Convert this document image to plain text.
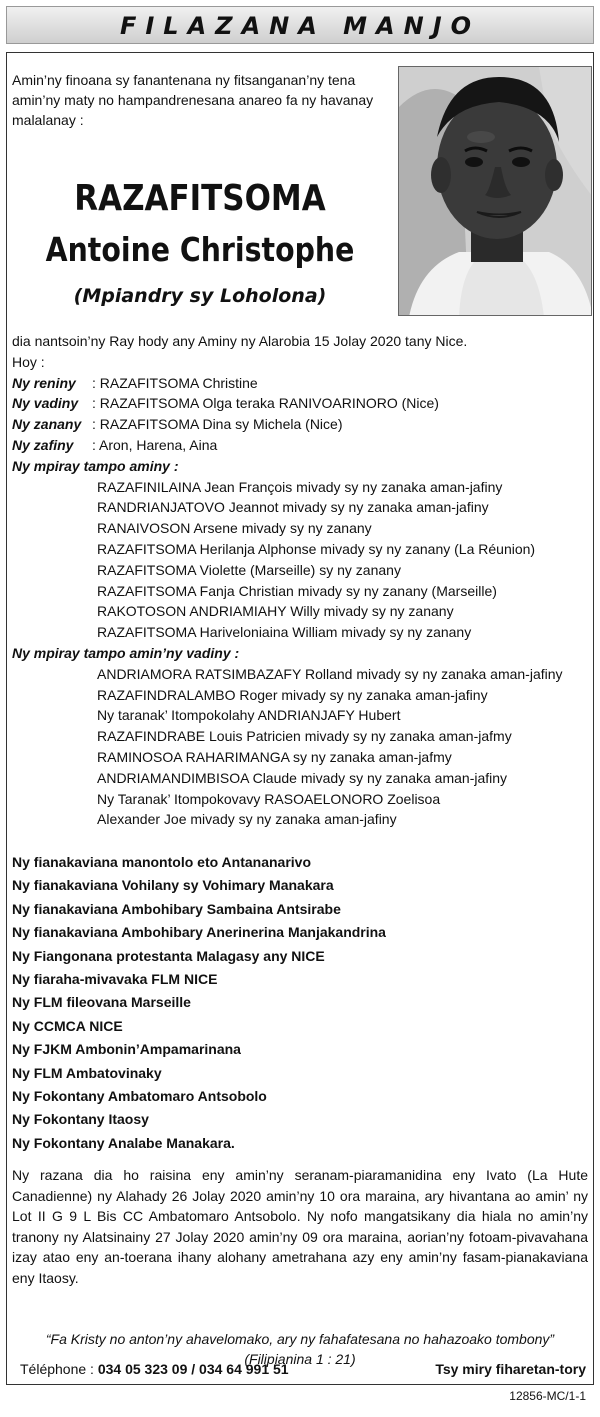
FILAZANA MANJO
Amin’ny finoana sy fanantenana ny fitsanganan’ny tena amin’ny maty no hampandrenesana anareo fa ny havanay malalanay :
RAZAFITSOMA
Antoine Christophe
(Mpiandry sy Loholona)
dia nantsoin’ny Ray hody any Aminy ny Alarobia 15 Jolay 2020 tany Nice.
Hoy :
Ny reniny : RAZAFITSOMA Christine
Ny vadiny : RAZAFITSOMA Olga teraka RANIVOARINORO (Nice)
Ny zanany : RAZAFITSOMA Dina sy Michela (Nice)
Ny zafiny : Aron, Harena, Aina
Ny mpiray tampo aminy :
RAZAFINILAINA Jean François mivady sy ny zanaka aman-jafiny
RANDRIANJATOVO Jeannot mivady sy ny zanaka aman-jafiny
RANAIVOSON Arsene mivady sy ny zanany
RAZAFITSOMA Herilanja Alphonse mivady sy ny zanany (La Réunion)
RAZAFITSOMA Violette (Marseille) sy ny zanany
RAZAFITSOMA Fanja Christian mivady sy ny zanany (Marseille)
RAKOTOSON ANDRIAMIAHY Willy mivady sy ny zanany
RAZAFITSOMA Hariveloniaina William mivady sy ny zanany
Ny mpiray tampo amin’ny vadiny :
ANDRIAMORA RATSIMBAZAFY Rolland mivady sy ny zanaka aman-jafiny
RAZAFINDRALAMBO Roger mivady sy ny zanaka aman-jafiny
Ny taranak’ Itompokolahy ANDRIANJAFY Hubert
RAZAFINDRABE Louis Patricien mivady sy ny zanaka aman-jafmy
RAMINOSOA RAHARIMANGA sy ny zanaka aman-jafmy
ANDRIAMANDIMBISOA Claude mivady sy ny zanaka aman-jafiny
Ny Taranak’ Itompokovavy RASOAELONORO Zoelisoa
Alexander Joe mivady sy ny zanaka aman-jafiny
Ny fianakaviana manontolo eto Antananarivo
Ny fianakaviana Vohilany sy Vohimary Manakara
Ny fianakaviana Ambohibary Sambaina Antsirabe
Ny fianakaviana Ambohibary Anerinerina Manjakandrina
Ny Fiangonana protestanta Malagasy any NICE
Ny fiaraha-mivavaka FLM NICE
Ny FLM fileovana Marseille
Ny CCMCA NICE
Ny FJKM Ambonin’Ampamarinana
Ny FLM Ambatovinaky
Ny Fokontany Ambatomaro Antsobolo
Ny Fokontany Itaosy
Ny Fokontany Analabe Manakara.
Ny razana dia ho raisina eny amin’ny seranam-piaramanidina eny Ivato (La Hute Canadienne) ny Alahady 26 Jolay 2020 amin’ny 10 ora maraina, ary hivantana ao amin’ ny Lot II G 9 L Bis CC Ambatomaro Antsobolo. Ny nofo mangatsikany dia hiala no amin’ny tranony ny Alatsinainy 27 Jolay 2020 amin’ny 09 ora maraina, aorian’ny fotoam-pivavahana izay atao eny an-toerana ihany alohany ametrahana azy eny amin’ny fasam-pianakaviana eny Itaosy.
“Fa Kristy no anton’ny ahavelomako, ary ny fahafatesana no hahazoako tombony”
(Filipianina 1 : 21)
Téléphone : 034 05 323 09 / 034 64 991 51	Tsy miry fiharetan-tory
12856-MC/1-1
